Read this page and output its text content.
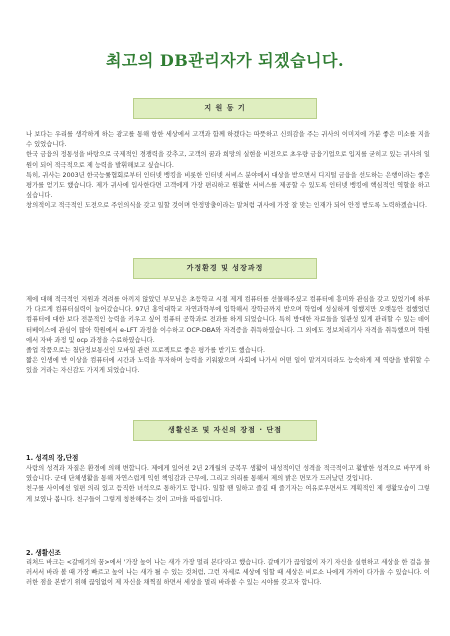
최고의 DB관리자가 되겠습니다.
지 원 동 기

나 보다는 우리를 생각하게 하는 광고를 통해 항한 세상에서 고객과 함께 하겠다는 따뜻하고 신뢰감을 주는 귀사의 이미지에 가분 좋은 미소를 지을 수 있었습니다.

한국 금융의 정통성을 바탕으로 국제적인 경쟁력을 갖추고, 고객의 꿈과 희망의 실현을 비전으로 초우량 금융기업으로 입지를 굳히고 있는 귀사의 일원이 되어 적극적으로 제 능력을 발휘해보고 싶습니다.

특히, 귀사는 2003년 한국능률협회로부터 인터넷 뱅킹을 비롯한 인터넷 서비스 분야에서 대상을 받으면서 디지털 금융을 선도하는 은행이라는 좋은 평가를 얻기도 했습니다. 제가 귀사에 입사한다면 고객에게 가장 편리하고 원활한 서비스를 제공할 수 있도록 인터넷 뱅킹에 핵심적인 역할을 하고 싶습니다.

창의적이고 적극적인 도전으로 주인의식을 갖고 일할 것이며 안정망출이라는 말처럼 귀사에 가장 잘 맞는 인재가 되어 안정 받도록 노력하겠습니다.

가정환경 및 성장과정

제에 대해 적극적인 지원과 격려를 아끼지 않았던 부모님은 초등학교 시절 제게 컴퓨터를 선물해주셨고 컴퓨터에 흥미와 관심을 갖고 있었기에 하루가 다르게 컴퓨터실력이 늘어갔습니다. 97년 홍익대학교 자연과학부에 입학해서 장학금까지 받으며 학업에 성실하게 임했지만 오랫동안 접했었던 컴퓨터에 대한 보다 전문적인 능력을 키우고 싶어 컴퓨터 공학과로 전과를 하게 되었습니다. 특히 방대한 자료들을 일관성 있게 관리할 수 있는 데이터베이스에 관심이 많아 학원에서 e-LFT 과정을 이수하고 OCP-DBA와 자격증을 취득하였습니다. 그 외에도 정보처리기사 자격을 취득했으며 학원에서 자바 과정 및 ocp 과정을 수료하였습니다.

졸업 작품으로는 첨단정보통신인 모바일 관련 프로젝트로 좋은 평가를 받기도 했습니다.

짧은 인생에 반 이상을 컴퓨터에 시간과 노력을 투자하며 능력을 키워왔으며 사회에 나가서 어떤 일이 맡겨지더라도 능숙하게 제 역량을 발휘할 수 있을 거라는 자신감도 가지게 되었습니다.

생활신조 및 자신의 장점 · 단점
1. 성격의 장,단점

사람의 성격과 자질은 환경에 의해 변합니다. 제에게 있어선 2년 2개월의 군복무 생활이 내성적이던 성격을 적극적이고 활발한 성격으로 바꾸게 하였습니다. 군대 단체생활을 통해 자연스럽게 익힌 책임감과 근무에, 그리고 의리를 통해서 제의 밝은 면모가 드러났던 것입니다.

친구를 사이에선 일편 의리 있고 듬직한 녀석으로 통하기도 합니다. 일할 땐 일하고 즐길 때 즐기자는 여유로우면서도 계획적인 제 생활모습이 그렇게 보였나 봅니다. 친구들이 그렇게 칭찬해주는 것이 고마울 따름입니다.

2. 생활신조

리처드 바크는 <갈매기의 꿈>에서 '가장 높이 나는 새가 가장 멀리 본다'라고 했습니다. 갈매기가 끊임없이 자기 자신을 실현하고 세상을 한 걸음 물러서서 바라 볼 때 가장 빠르고 높이 나는 새가 될 수 있는 것처럼, 그런 자세로 세상에 임할 때 세상은 비로소 나에게 가까이 다가올 수 있습니다. 이러한 점을 본받기 위해 끊임없이 제 자신을 채찍질 하면서 세상을 멀리 바라볼 수 있는 시야를 갖고자 합니다.
